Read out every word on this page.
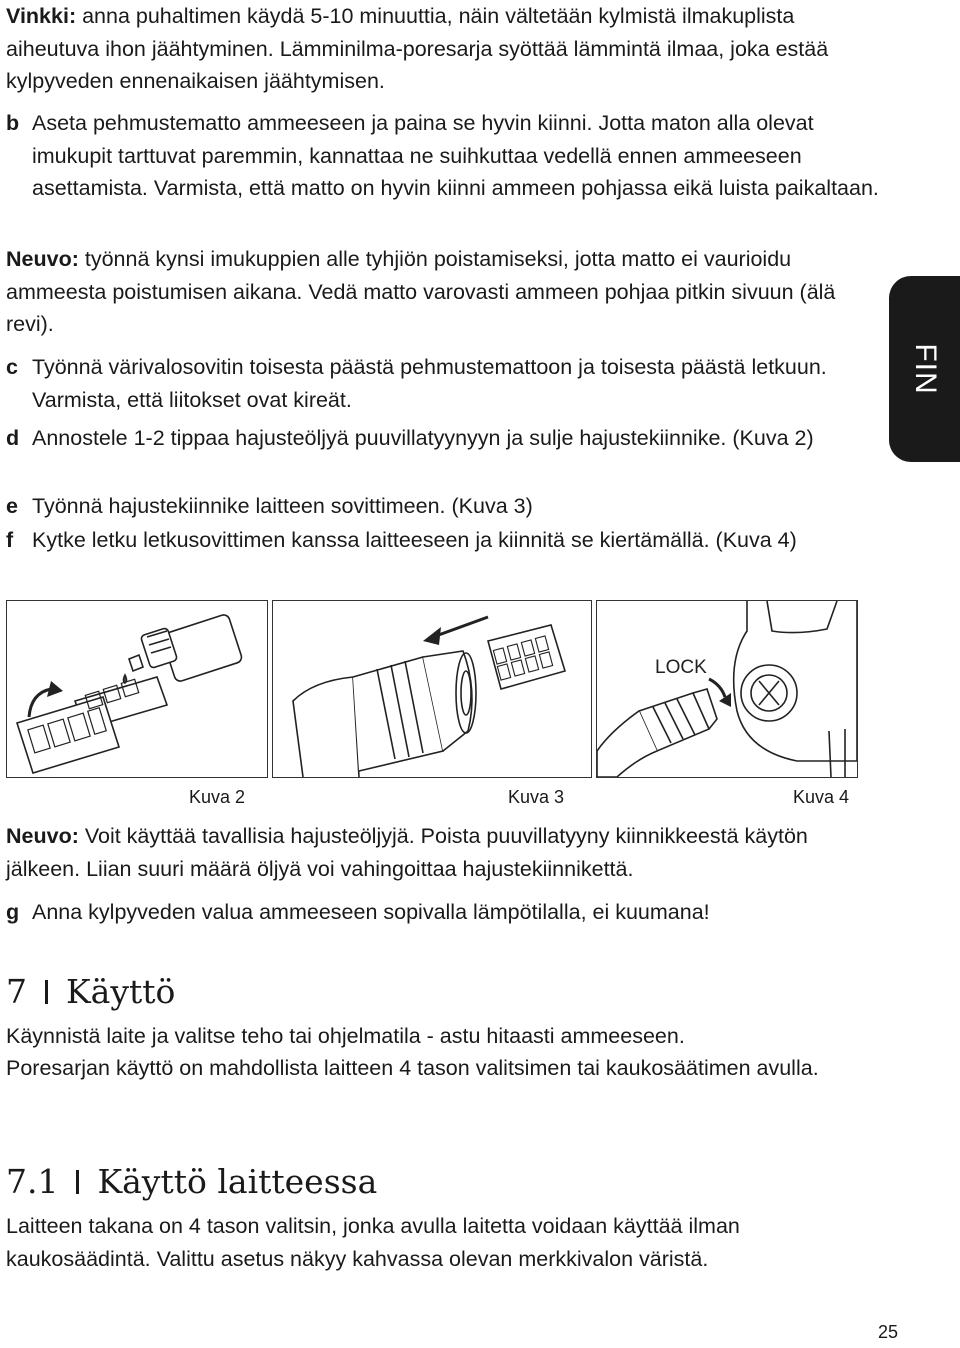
FIN

Vinkki: anna puhaltimen käydä 5-10 minuuttia, näin vältetään kylmistä ilmakuplista aiheutuva ihon jäähtyminen. Lämminilma-poresarja syöttää lämmintä ilmaa, joka estää kylpyveden ennenaikaisen jäähtymisen.

b Aseta pehmustematto ammeeseen ja paina se hyvin kiinni. Jotta maton alla olevat imukupit tarttuvat paremmin, kannattaa ne suihkuttaa vedellä ennen ammeeseen asettamista. Varmista, että matto on hyvin kiinni ammeen pohjassa eikä luista paikaltaan.

Neuvo: työnnä kynsi imukuppien alle tyhjiön poistamiseksi, jotta matto ei vaurioidu ammeesta poistumisen aikana. Vedä matto varovasti ammeen pohjaa pitkin sivuun (älä revi).

c Työnnä värivalosovitin toisesta päästä pehmustemattoon ja toisesta päästä letkuun. Varmista, että liitokset ovat kireät.

d Annostele 1-2 tippaa hajusteöljyä puuvillatyynyyn ja sulje hajustekiinnike. (Kuva 2)

e Työnnä hajustekiinnike laitteen sovittimeen. (Kuva 3)

f Kytke letku letkusovittimen kanssa laitteeseen ja kiinnitä se kiertämällä. (Kuva 4)

LOCK
Kuva 2	Kuva 3	Kuva 4

Neuvo: Voit käyttää tavallisia hajusteöljyjä. Poista puuvillatyyny kiinnikkeestä käytön jälkeen. Liian suuri määrä öljyä voi vahingoittaa hajustekiinnikettä.

g Anna kylpyveden valua ammeeseen sopivalla lämpötilalla, ei kuumana!

7 Käyttö

Käynnistä laite ja valitse teho tai ohjelmatila - astu hitaasti ammeeseen.

Poresarjan käyttö on mahdollista laitteen 4 tason valitsimen tai kaukosäätimen avulla.

7.1 Käyttö laitteessa

Laitteen takana on 4 tason valitsin, jonka avulla laitetta voidaan käyttää ilman kaukosäädintä. Valittu asetus näkyy kahvassa olevan merkkivalon väristä.

25
